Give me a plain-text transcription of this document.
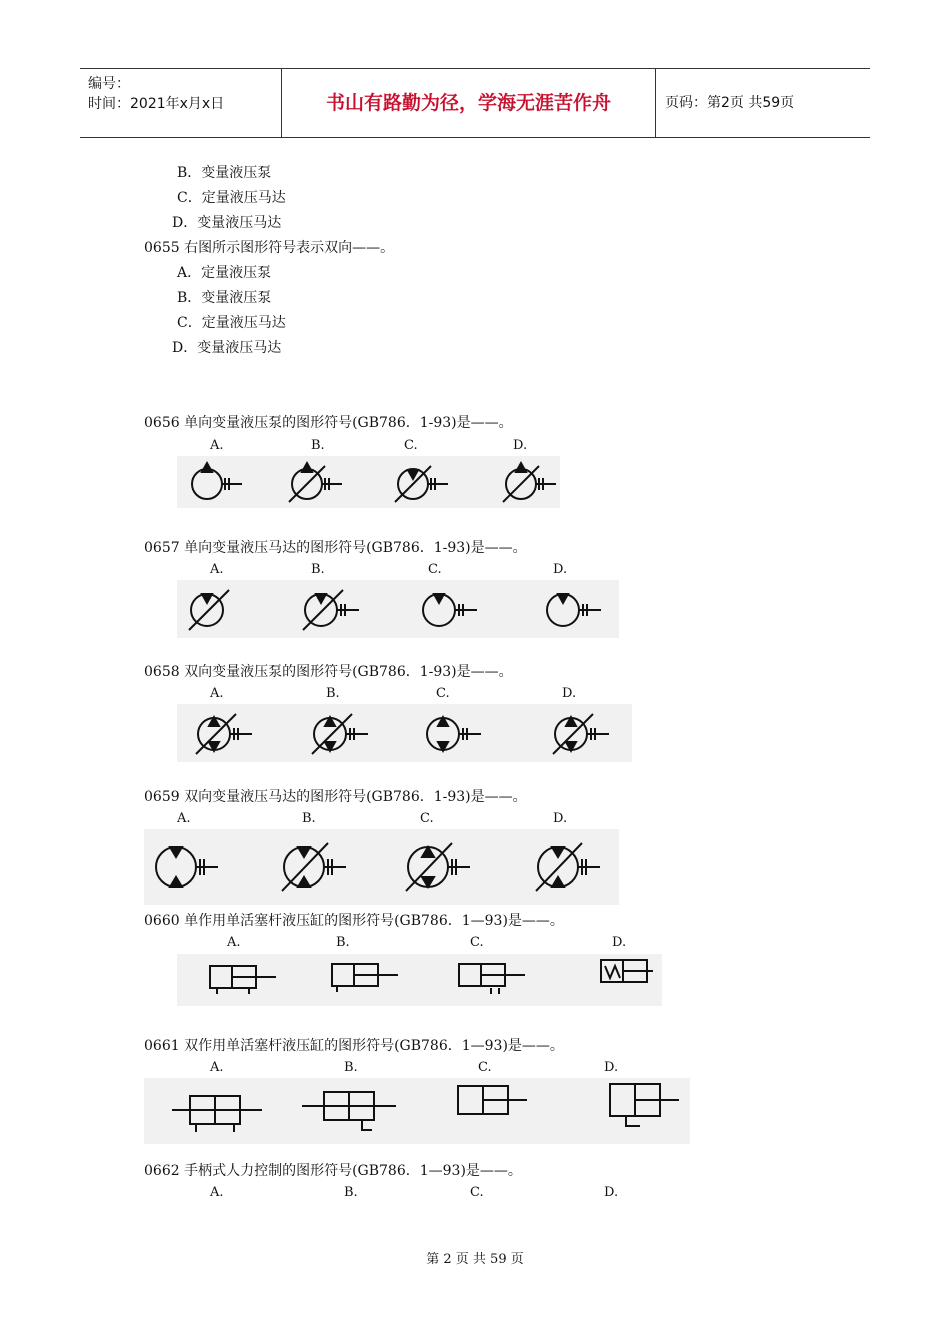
编号：
时间：2021年x月x日	书山有路勤为径，学海无涯苦作舟	页码：第2页 共59页
B．变量液压泵
C．定量液压马达
D．变量液压马达
0655 右图所示图形符号表示双向——。
A．定量液压泵
B．变量液压泵
C．定量液压马达
D．变量液压马达
0656 单向变量液压泵的图形符号(GB786．1-93)是——。
A.	B.	C.	D.
0657 单向变量液压马达的图形符号(GB786．1-93)是——。
A.	B.	C.	D.
0658 双向变量液压泵的图形符号(GB786．1-93)是——。
A.	B.	C.	D.
0659 双向变量液压马达的图形符号(GB786．1-93)是——。
A.	B.	C.	D.
0660 单作用单活塞杆液压缸的图形符号(GB786．1—93)是——。
A.	B.	C.	D.
0661 双作用单活塞杆液压缸的图形符号(GB786．1—93)是——。
A.	B.	C.	D.
0662 手柄式人力控制的图形符号(GB786．1—93)是——。
A.	B.	C.	D.
第 2 页 共 59 页
